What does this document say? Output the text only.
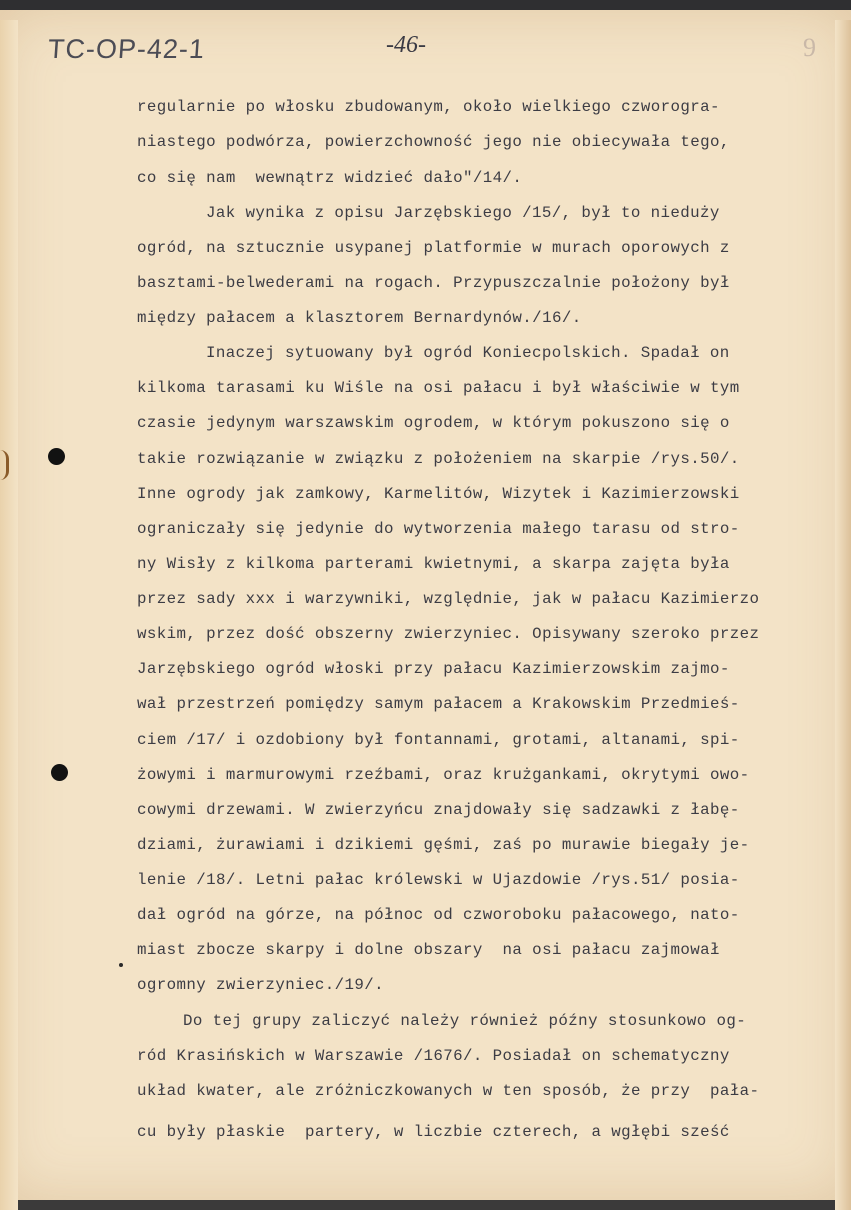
TC-OP-42-1	-46-	9
regularnie po włosku zbudowanym, około wielkiego czworogra-
niastego podwórza, powierzchowność jego nie obiecywała tego,
co się nam  wewnątrz widzieć dało"/14/.
Jak wynika z opisu Jarzębskiego /15/, był to nieduży
ogród, na sztucznie usypanej platformie w murach oporowych z
basztami-belwederami na rogach. Przypuszczalnie położony był
między pałacem a klasztorem Bernardynów./16/.
Inaczej sytuowany był ogród Koniecpolskich. Spadał on
kilkoma tarasami ku Wiśle na osi pałacu i był właściwie w tym
czasie jedynym warszawskim ogrodem, w którym pokuszono się o
takie rozwiązanie w związku z położeniem na skarpie /rys.50/.
Inne ogrody jak zamkowy, Karmelitów, Wizytek i Kazimierzowski
ograniczały się jedynie do wytworzenia małego tarasu od stro-
ny Wisły z kilkoma parterami kwietnymi, a skarpa zajęta była
przez sady xxx i warzywniki, względnie, jak w pałacu Kazimierzo
wskim, przez dość obszerny zwierzyniec. Opisywany szeroko przez
Jarzębskiego ogród włoski przy pałacu Kazimierzowskim zajmo-
wał przestrzeń pomiędzy samym pałacem a Krakowskim Przedmieś-
ciem /17/ i ozdobiony był fontannami, grotami, altanami, spi-
żowymi i marmurowymi rzeźbami, oraz krużgankami, okrytymi owo-
cowymi drzewami. W zwierzyńcu znajdowały się sadzawki z łabę-
dziami, żurawiami i dzikiemi gęśmi, zaś po murawie biegały je-
lenie /18/. Letni pałac królewski w Ujazdowie /rys.51/ posia-
dał ogród na górze, na północ od czworoboku pałacowego, nato-
miast zbocze skarpy i dolne obszary  na osi pałacu zajmował
ogromny zwierzyniec./19/.
Do tej grupy zaliczyć należy również późny stosunkowo og-
ród Krasińskich w Warszawie /1676/. Posiadał on schematyczny
układ kwater, ale zróżniczkowanych w ten sposób, że przy  pała-
cu były płaskie  partery, w liczbie czterech, a wgłębi sześć
